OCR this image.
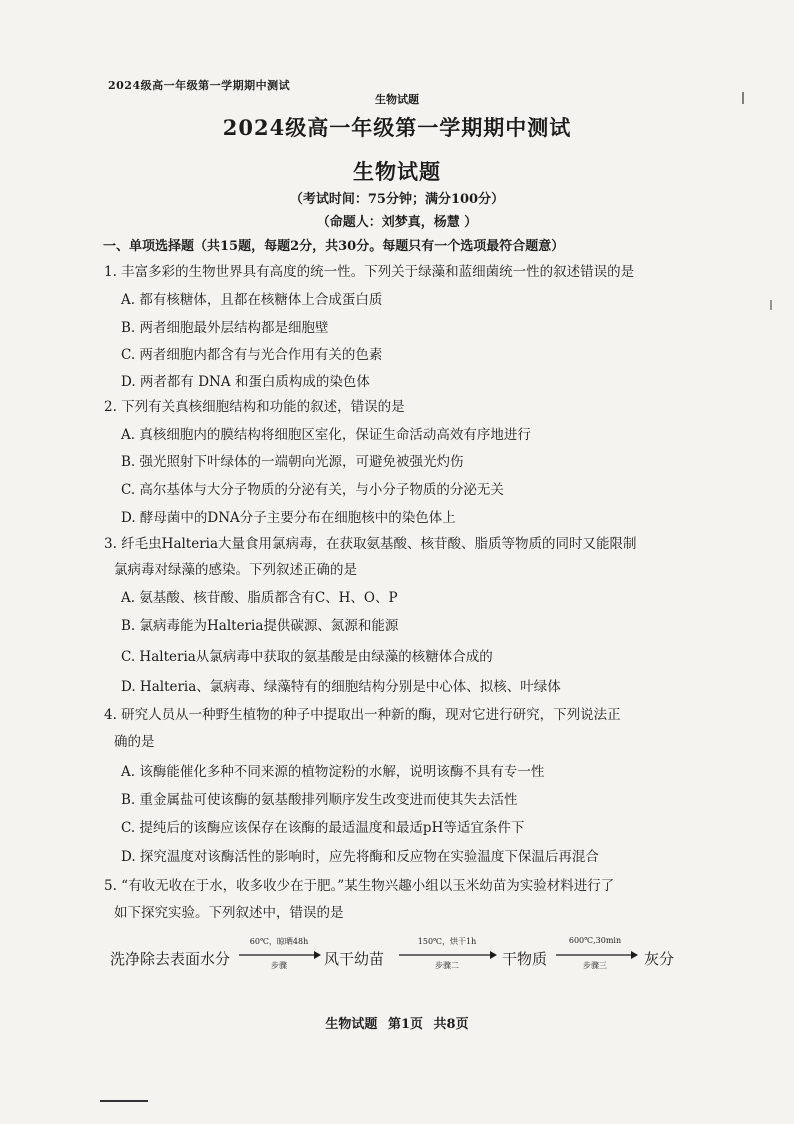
2024级高一年级第一学期期中测试
生物试题
2024级高一年级第一学期期中测试
生物试题
（考试时间：75分钟；满分100分）
（命题人：刘梦真，杨慧 ）
一、单项选择题（共15题，每题2分，共30分。每题只有一个选项最符合题意）
1. 丰富多彩的生物世界具有高度的统一性。下列关于绿藻和蓝细菌统一性的叙述错误的是
A. 都有核糖体，且都在核糖体上合成蛋白质
B. 两者细胞最外层结构都是细胞壁
C. 两者细胞内都含有与光合作用有关的色素
D. 两者都有 DNA 和蛋白质构成的染色体
2. 下列有关真核细胞结构和功能的叙述，错误的是
A. 真核细胞内的膜结构将细胞区室化，保证生命活动高效有序地进行
B. 强光照射下叶绿体的一端朝向光源，可避免被强光灼伤
C. 高尔基体与大分子物质的分泌有关，与小分子物质的分泌无关
D. 酵母菌中的DNA分子主要分布在细胞核中的染色体上
3. 纤毛虫Halteria大量食用氯病毒，在获取氨基酸、核苷酸、脂质等物质的同时又能限制
氯病毒对绿藻的感染。下列叙述正确的是
A. 氨基酸、核苷酸、脂质都含有C、H、O、P
B. 氯病毒能为Halteria提供碳源、氮源和能源
C. Halteria从氯病毒中获取的氨基酸是由绿藻的核糖体合成的
D. Halteria、氯病毒、绿藻特有的细胞结构分别是中心体、拟核、叶绿体
4. 研究人员从一种野生植物的种子中提取出一种新的酶，现对它进行研究，下列说法正
确的是
A. 该酶能催化多种不同来源的植物淀粉的水解，说明该酶不具有专一性
B. 重金属盐可使该酶的氨基酸排列顺序发生改变进而使其失去活性
C. 提纯后的该酶应该保存在该酶的最适温度和最适pH等适宜条件下
D. 探究温度对该酶活性的影响时，应先将酶和反应物在实验温度下保温后再混合
5. “有收无收在于水，收多收少在于肥。”某生物兴趣小组以玉米幼苗为实验材料进行了
如下探究实验。下列叙述中，错误的是
洗净除去表面水分
60℃，晾晒48h
步骤	风干幼苗
150℃，烘干1h
步骤二	干物质
600℃,30min
步骤三	灰分
生物试题 第1页 共8页
